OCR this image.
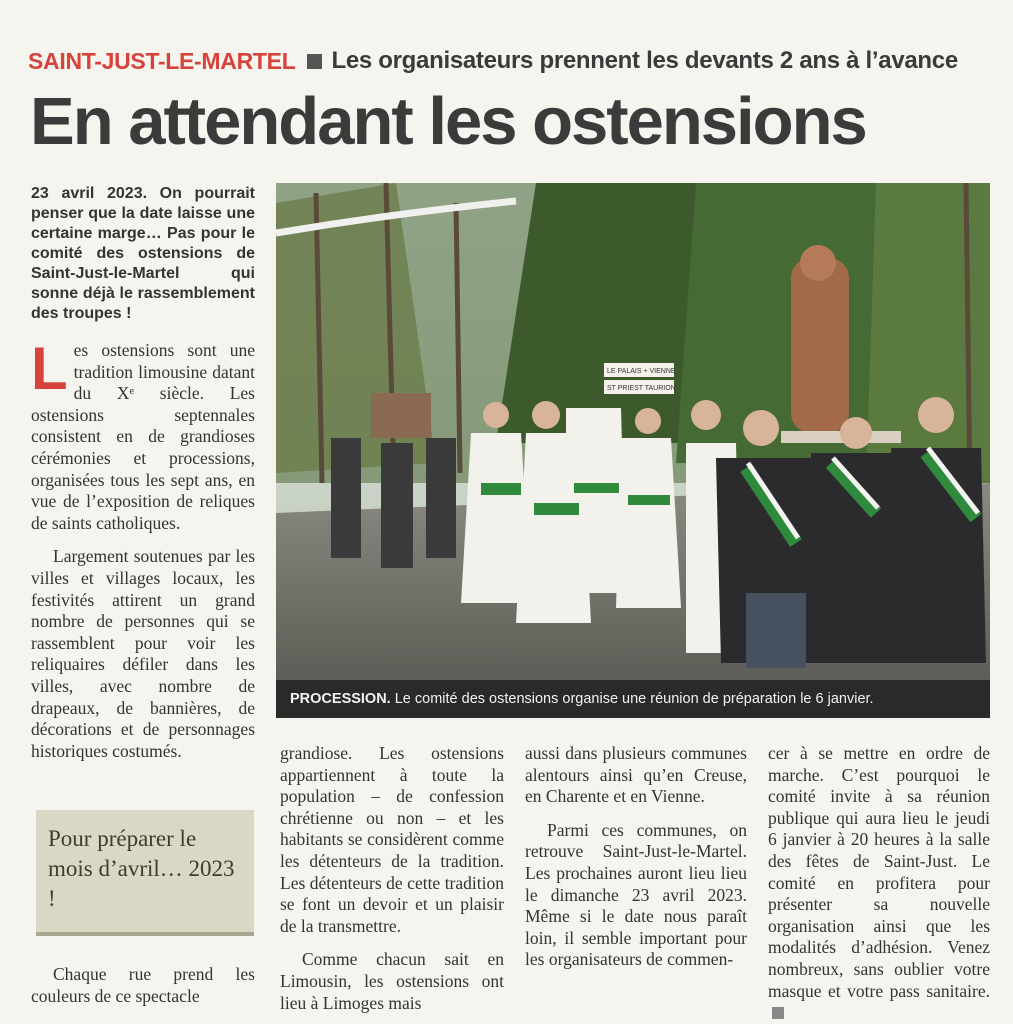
SAINT-JUST-LE-MARTEL Les organisateurs prennent les devants 2 ans à l’avance
En attendant les ostensions
23 avril 2023. On pourrait penser que la date laisse une certaine marge… Pas pour le comité des ostensions de Saint-Just-le-Martel qui sonne déjà le rassemblement des troupes !

Les ostensions sont une tradition limousine datant du Xᵉ siècle. Les ostensions septennales consistent en de grandioses cérémonies et processions, organisées tous les sept ans, en vue de l’exposition de reliques de saints catholiques.

Largement soutenues par les villes et villages locaux, les festivités attirent un grand nombre de personnes qui se rassemblent pour voir les reliquaires défiler dans les villes, avec nombre de drapeaux, de bannières, de décorations et de personnages historiques costumés.

Pour préparer le mois d’avril… 2023 !

Chaque rue prend les couleurs de ce spectacle

LE PALAIS + VIENNE
ST PRIEST TAURION
PROCESSION. Le comité des ostensions organise une réunion de préparation le 6 janvier.

grandiose. Les ostensions appartiennent à toute la population – de confession chrétienne ou non – et les habitants se considèrent comme les détenteurs de la tradition. Les détenteurs de cette tradition se font un devoir et un plaisir de la transmettre.

Comme chacun sait en Limousin, les ostensions ont lieu à Limoges mais

aussi dans plusieurs communes alentours ainsi qu’en Creuse, en Charente et en Vienne.

Parmi ces communes, on retrouve Saint-Just-le-Martel. Les prochaines auront lieu lieu le dimanche 23 avril 2023. Même si le date nous paraît loin, il semble important pour les organisateurs de commen-

cer à se mettre en ordre de marche. C’est pourquoi le comité invite à sa réunion publique qui aura lieu le jeudi 6 janvier à 20 heures à la salle des fêtes de Saint-Just. Le comité en profitera pour présenter sa nouvelle organisation ainsi que les modalités d’adhésion. Venez nombreux, sans oublier votre masque et votre pass sanitaire.
